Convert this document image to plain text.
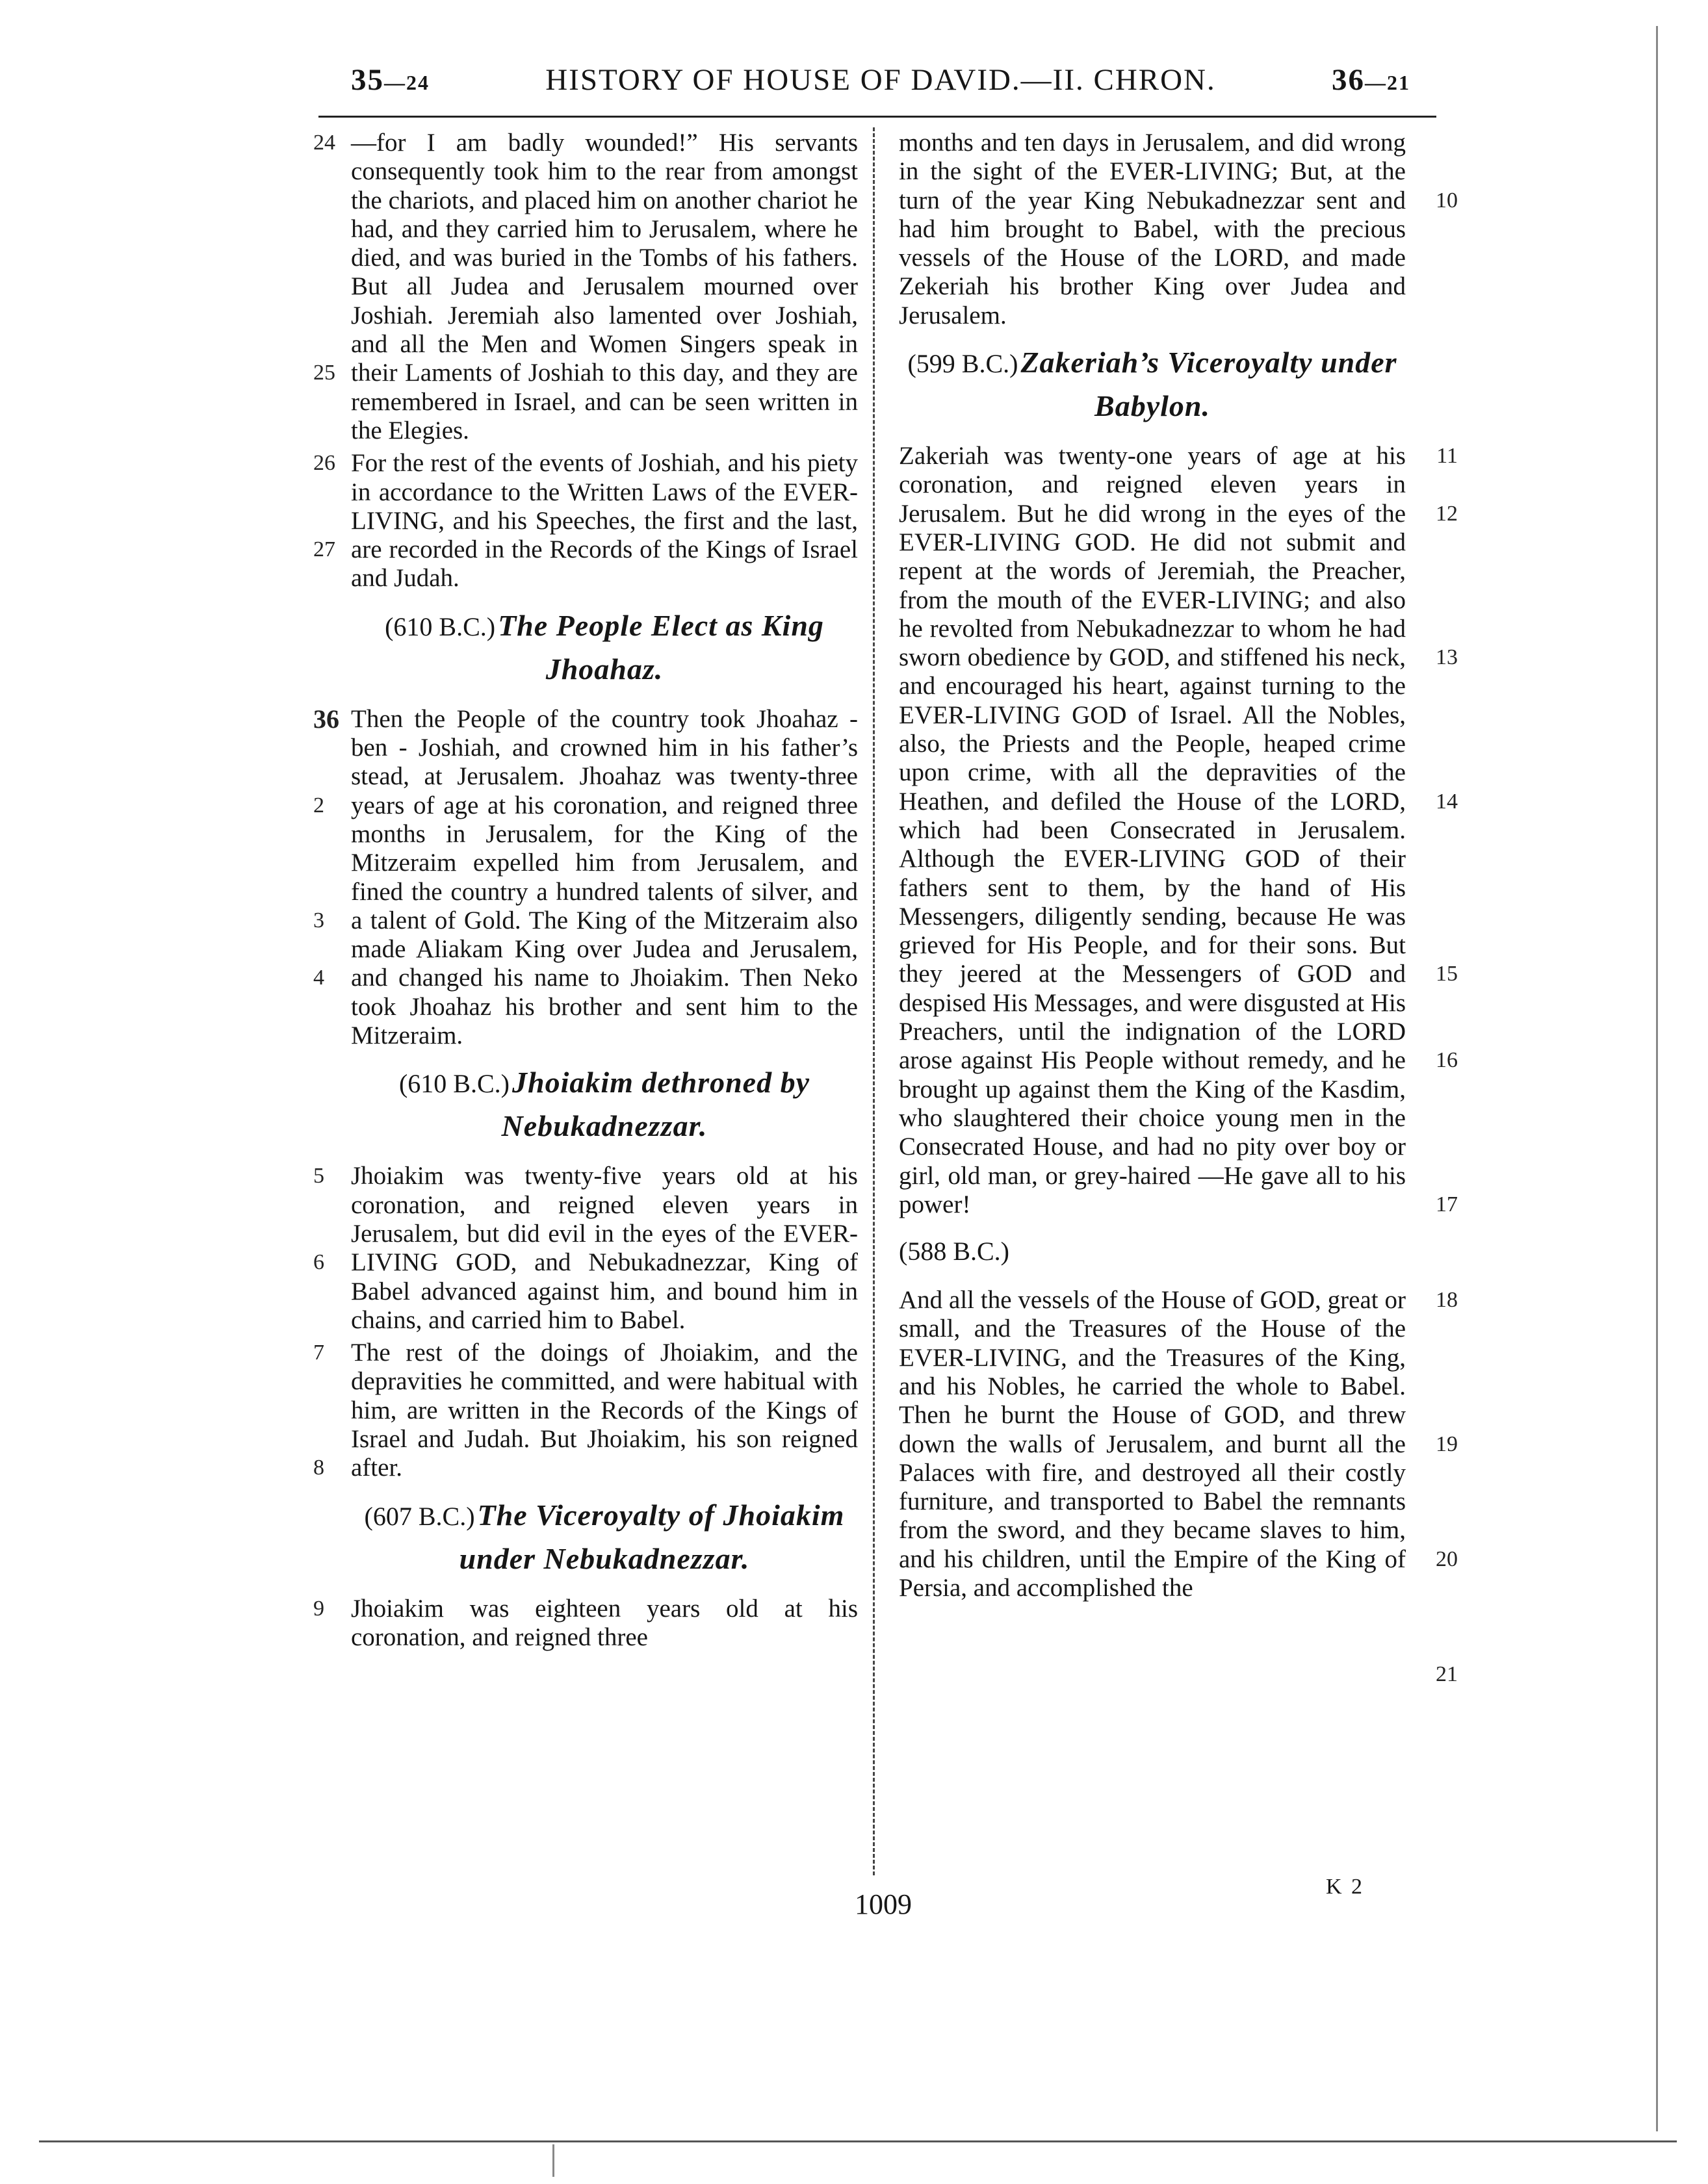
35—24	HISTORY OF HOUSE OF DAVID.—II. CHRON.	36—21
24
25
—for I am badly wounded!” His servants consequently took him to the rear from amongst the chariots, and placed him on another chariot he had, and they carried him to Jerusalem, where he died, and was buried in the Tombs of his fathers. But all Judea and Jerusalem mourned over Joshiah. Jeremiah also lamented over Joshiah, and all the Men and Women Singers speak in their Laments of Joshiah to this day, and they are remembered in Israel, and can be seen written in the Elegies.
26
27
For the rest of the events of Joshiah, and his piety in accordance to the Written Laws of the EVER-LIVING, and his Speeches, the first and the last, are recorded in the Records of the Kings of Israel and Judah.
(610 B.C.) The People Elect as King Jhoahaz.
36
2
3
4
Then the People of the country took Jhoahaz - ben - Joshiah, and crowned him in his father’s stead, at Jerusalem. Jhoahaz was twenty-three years of age at his coronation, and reigned three months in Jerusalem, for the King of the Mitzeraim expelled him from Jerusalem, and fined the country a hundred talents of silver, and a talent of Gold. The King of the Mitzeraim also made Aliakam King over Judea and Jerusalem, and changed his name to Jhoiakim. Then Neko took Jhoahaz his brother and sent him to the Mitzeraim.
(610 B.C.) Jhoiakim dethroned by Nebukadnezzar.
5
6
Jhoiakim was twenty-five years old at his coronation, and reigned eleven years in Jerusalem, but did evil in the eyes of the EVER-LIVING GOD, and Nebukadnezzar, King of Babel advanced against him, and bound him in chains, and carried him to Babel.
7
8
The rest of the doings of Jhoiakim, and the depravities he committed, and were habitual with him, are written in the Records of the Kings of Israel and Judah. But Jhoiakim, his son reigned after.
(607 B.C.) The Viceroyalty of Jhoiakim under Nebukadnezzar.
9 Jhoiakim was eighteen years old at his coronation, and reigned three
10
months and ten days in Jerusalem, and did wrong in the sight of the EVER-LIVING; But, at the turn of the year King Nebukadnezzar sent and had him brought to Babel, with the precious vessels of the House of the LORD, and made Zekeriah his brother King over Judea and Jerusalem.
(599 B.C.) Zakeriah’s Viceroyalty under Babylon.
11
12
13
14
15
16
17
Zakeriah was twenty-one years of age at his coronation, and reigned eleven years in Jerusalem. But he did wrong in the eyes of the EVER-LIVING GOD. He did not submit and repent at the words of Jeremiah, the Preacher, from the mouth of the EVER-LIVING; and also he revolted from Nebukadnezzar to whom he had sworn obedience by GOD, and stiffened his neck, and encouraged his heart, against turning to the EVER-LIVING GOD of Israel. All the Nobles, also, the Priests and the People, heaped crime upon crime, with all the depravities of the Heathen, and defiled the House of the LORD, which had been Consecrated in Jerusalem. Although the EVER-LIVING GOD of their fathers sent to them, by the hand of His Messengers, diligently sending, because He was grieved for His People, and for their sons. But they jeered at the Messengers of GOD and despised His Messages, and were disgusted at His Preachers, until the indignation of the LORD arose against His People without remedy, and he brought up against them the King of the Kasdim, who slaughtered their choice young men in the Consecrated House, and had no pity over boy or girl, old man, or grey-haired —He gave all to his power!
(588 B.C.)
18
19
20
21
And all the vessels of the House of GOD, great or small, and the Treasures of the House of the EVER-LIVING, and the Treasures of the King, and his Nobles, he carried the whole to Babel. Then he burnt the House of GOD, and threw down the walls of Jerusalem, and burnt all the Palaces with fire, and destroyed all their costly furniture, and transported to Babel the remnants from the sword, and they became slaves to him, and his children, until the Empire of the King of Persia, and accomplished the
1009
K 2
